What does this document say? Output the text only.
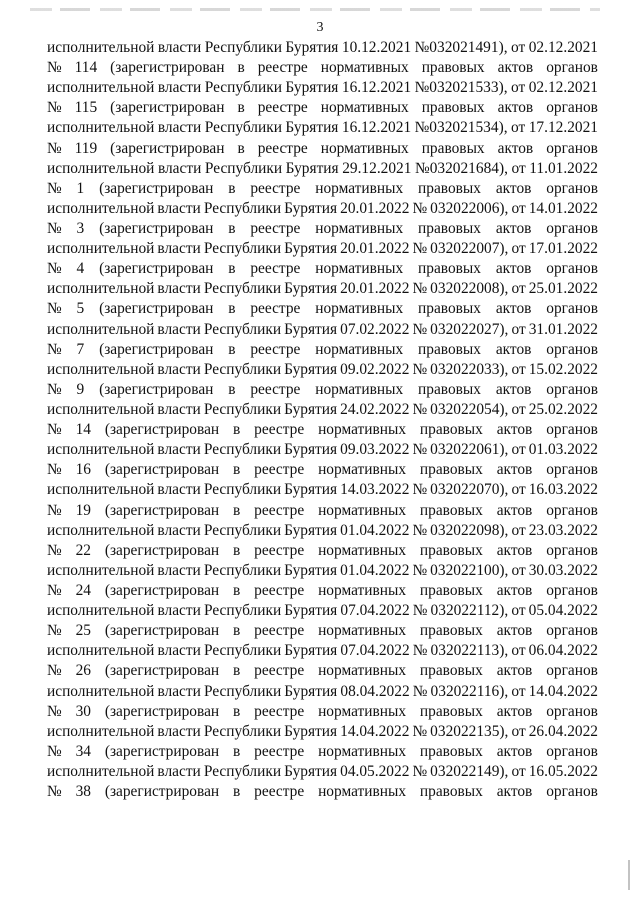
3
исполнительной власти Республики Бурятия 10.12.2021 №032021491), от 02.12.2021
№ 114 (зарегистрирован в реестре нормативных правовых актов органов
исполнительной власти Республики Бурятия 16.12.2021 №032021533), от 02.12.2021
№ 115 (зарегистрирован в реестре нормативных правовых актов органов
исполнительной власти Республики Бурятия 16.12.2021 №032021534), от 17.12.2021
№ 119 (зарегистрирован в реестре нормативных правовых актов органов
исполнительной власти Республики Бурятия 29.12.2021 №032021684), от 11.01.2022
№ 1 (зарегистрирован в реестре нормативных правовых актов органов
исполнительной власти Республики Бурятия 20.01.2022 № 032022006), от 14.01.2022
№ 3 (зарегистрирован в реестре нормативных правовых актов органов
исполнительной власти Республики Бурятия 20.01.2022 № 032022007), от 17.01.2022
№ 4 (зарегистрирован в реестре нормативных правовых актов органов
исполнительной власти Республики Бурятия 20.01.2022 № 032022008), от 25.01.2022
№ 5 (зарегистрирован в реестре нормативных правовых актов органов
исполнительной власти Республики Бурятия 07.02.2022 № 032022027), от 31.01.2022
№ 7 (зарегистрирован в реестре нормативных правовых актов органов
исполнительной власти Республики Бурятия 09.02.2022 № 032022033), от 15.02.2022
№ 9 (зарегистрирован в реестре нормативных правовых актов органов
исполнительной власти Республики Бурятия 24.02.2022 № 032022054), от 25.02.2022
№ 14 (зарегистрирован в реестре нормативных правовых актов органов
исполнительной власти Республики Бурятия 09.03.2022 № 032022061), от 01.03.2022
№ 16 (зарегистрирован в реестре нормативных правовых актов органов
исполнительной власти Республики Бурятия 14.03.2022 № 032022070), от 16.03.2022
№ 19 (зарегистрирован в реестре нормативных правовых актов органов
исполнительной власти Республики Бурятия 01.04.2022 № 032022098), от 23.03.2022
№ 22 (зарегистрирован в реестре нормативных правовых актов органов
исполнительной власти Республики Бурятия 01.04.2022 № 032022100), от 30.03.2022
№ 24 (зарегистрирован в реестре нормативных правовых актов органов
исполнительной власти Республики Бурятия 07.04.2022 № 032022112), от 05.04.2022
№ 25 (зарегистрирован в реестре нормативных правовых актов органов
исполнительной власти Республики Бурятия 07.04.2022 № 032022113), от 06.04.2022
№ 26 (зарегистрирован в реестре нормативных правовых актов органов
исполнительной власти Республики Бурятия 08.04.2022 № 032022116), от 14.04.2022
№ 30 (зарегистрирован в реестре нормативных правовых актов органов
исполнительной власти Республики Бурятия 14.04.2022 № 032022135), от 26.04.2022
№ 34 (зарегистрирован в реестре нормативных правовых актов органов
исполнительной власти Республики Бурятия 04.05.2022 № 032022149), от 16.05.2022
№ 38 (зарегистрирован в реестре нормативных правовых актов органов
